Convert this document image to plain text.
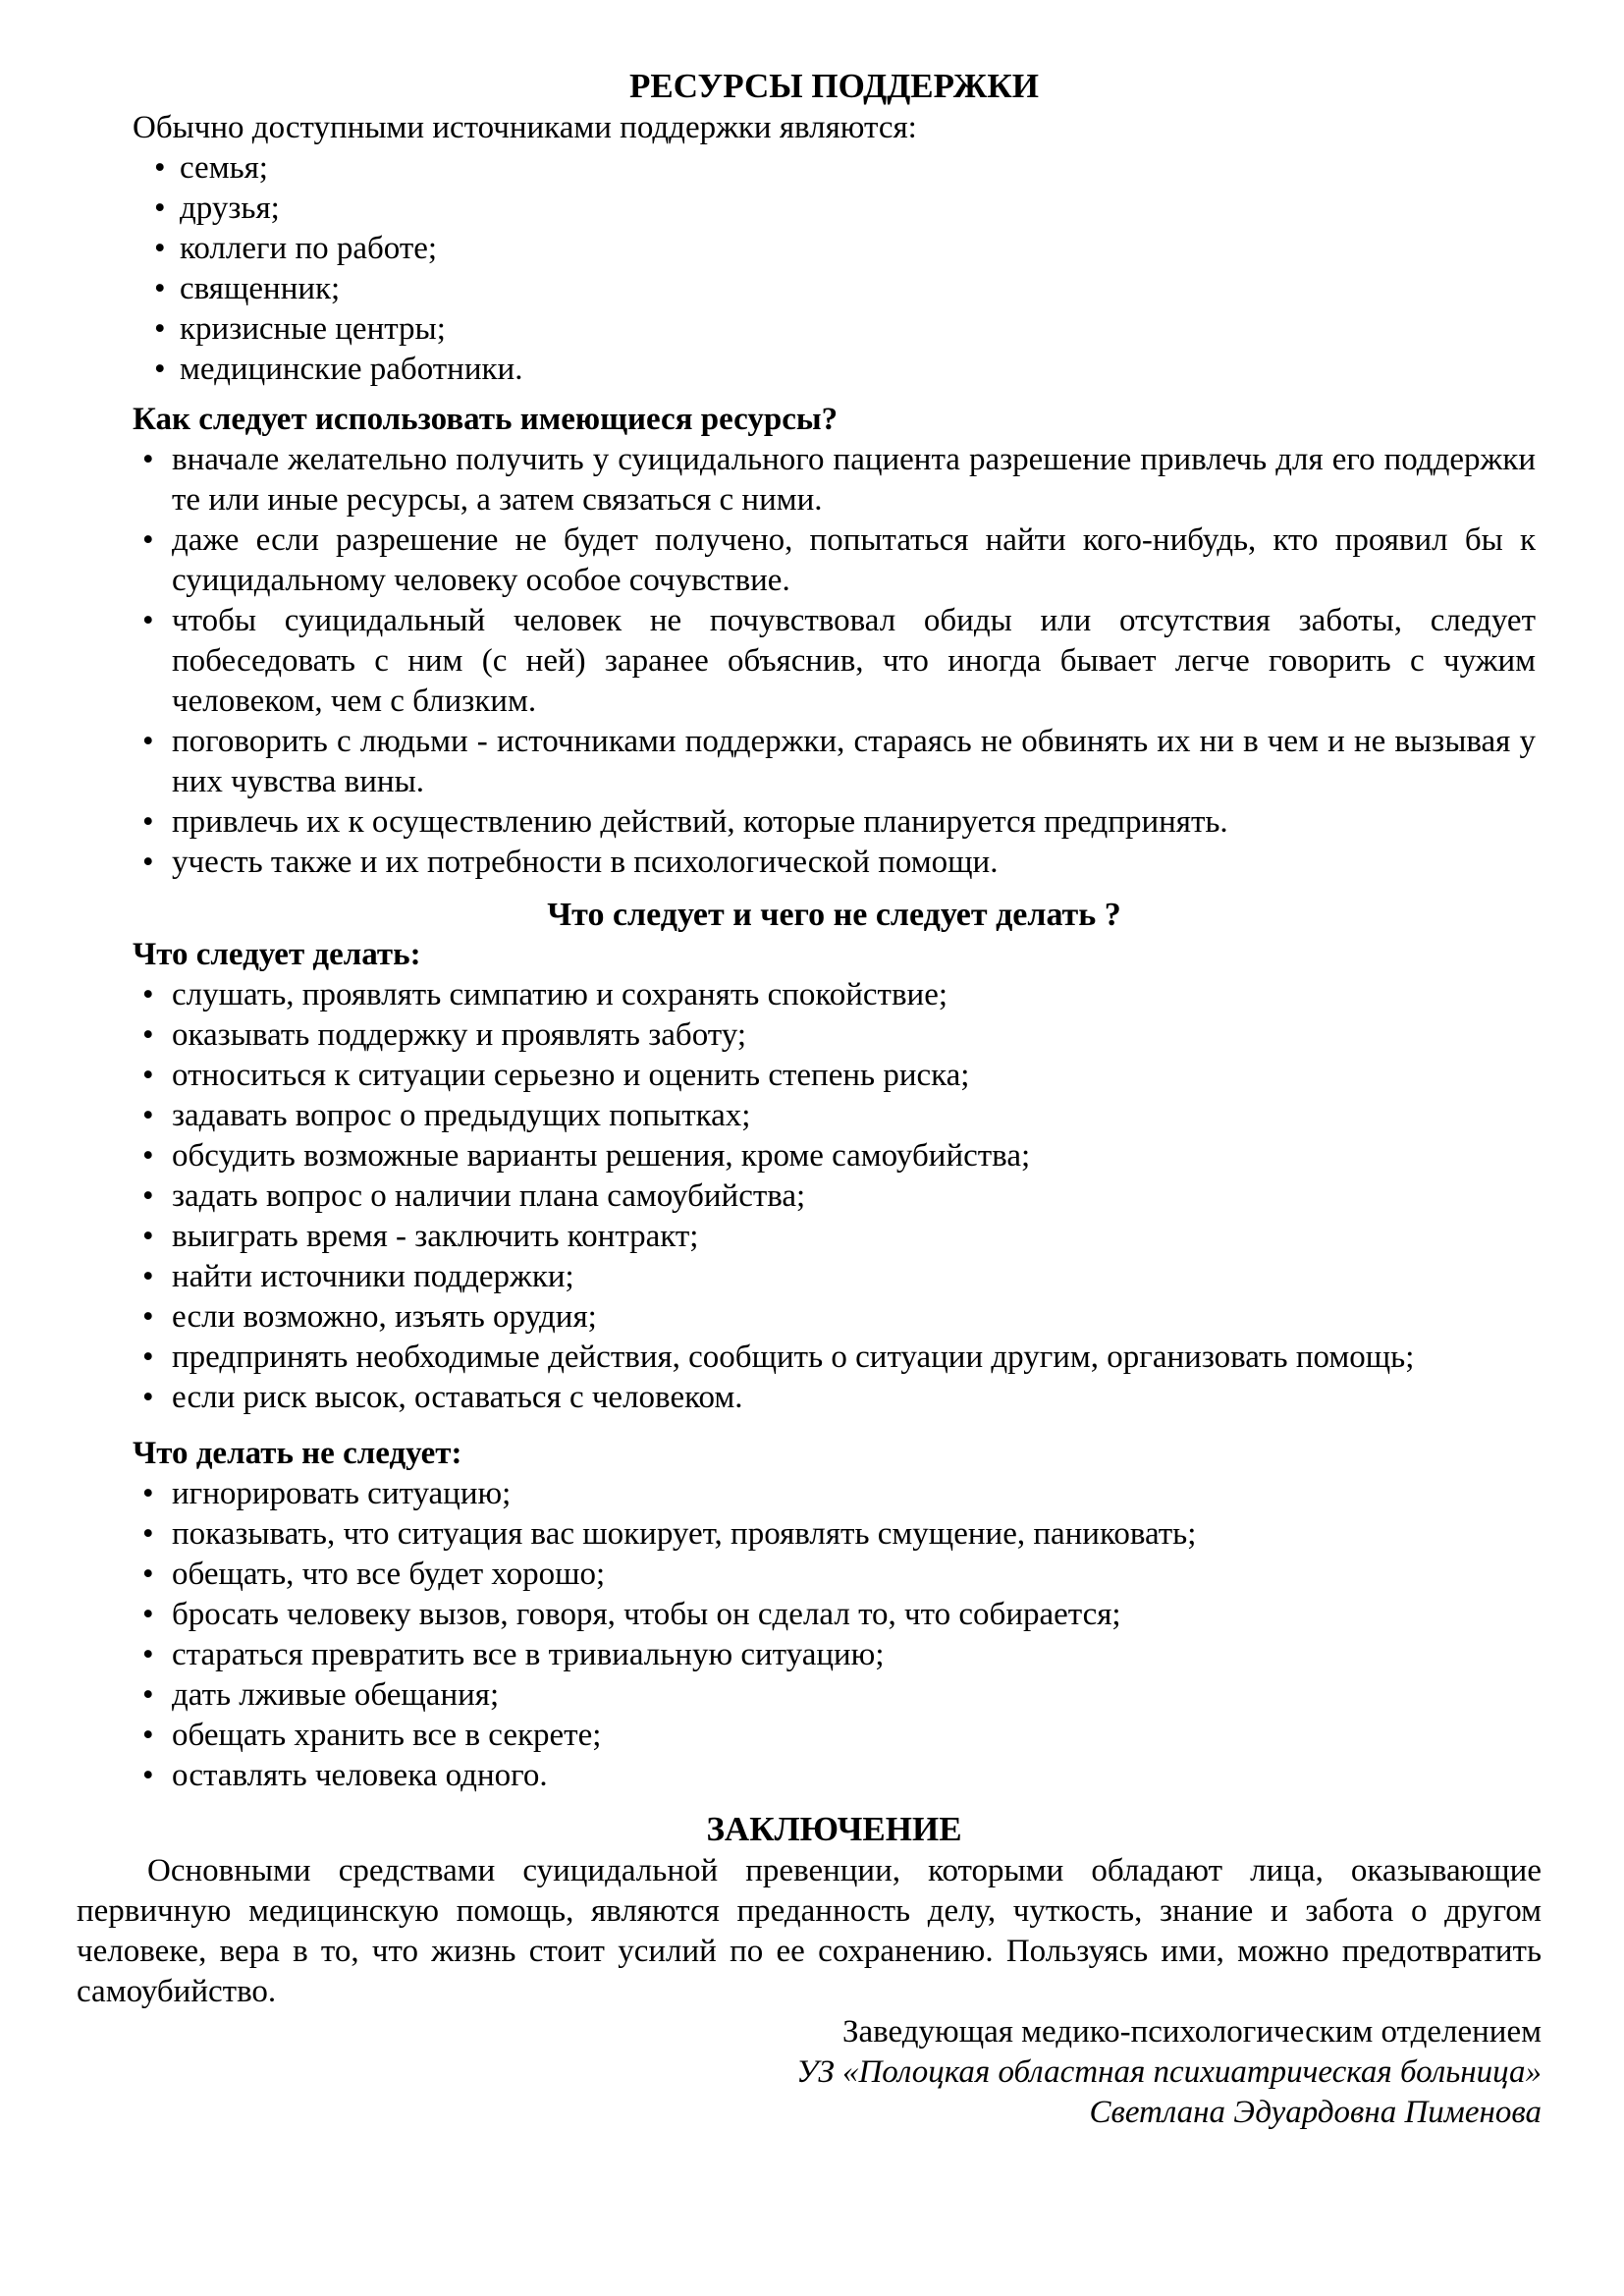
РЕСУРСЫ ПОДДЕРЖКИ

Обычно доступными источниками поддержки являются:

• семья;
• друзья;
• коллеги по работе;
• священник;
• кризисные центры;
• медицинские работники.

Как следует использовать имеющиеся ресурсы?

• вначале желательно получить у суицидального пациента разрешение привлечь для его поддержки те или иные ресурсы, а затем связаться с ними.
• даже если разрешение не будет получено, попытаться найти кого-нибудь, кто проявил бы к суицидальному человеку особое сочувствие.
• чтобы суицидальный человек не почувствовал обиды или отсутствия заботы, следует побеседовать с ним (с ней) заранее объяснив, что иногда бывает легче говорить с чужим человеком, чем с близким.
• поговорить с людьми - источниками поддержки, стараясь не обвинять их ни в чем и не вызывая у них чувства вины.
• привлечь их к осуществлению действий, которые планируется предпринять.
• учесть также и их потребности в психологической помощи.

Что следует и чего не следует делать ?

Что следует делать:

• слушать, проявлять симпатию и сохранять спокойствие;
• оказывать поддержку и проявлять заботу;
• относиться к ситуации серьезно и оценить степень риска;
• задавать вопрос о предыдущих попытках;
• обсудить возможные варианты решения, кроме самоубийства;
• задать вопрос о наличии плана самоубийства;
• выиграть время - заключить контракт;
• найти источники поддержки;
• если возможно, изъять орудия;
• предпринять необходимые действия, сообщить о ситуации другим, организовать помощь;
• если риск высок, оставаться с человеком.

Что делать не следует:

• игнорировать ситуацию;
• показывать, что ситуация вас шокирует, проявлять смущение, паниковать;
• обещать, что все будет хорошо;
• бросать человеку вызов, говоря, чтобы он сделал то, что собирается;
• стараться превратить все в тривиальную ситуацию;
• дать лживые обещания;
• обещать хранить все в секрете;
• оставлять человека одного.

ЗАКЛЮЧЕНИЕ

Основными средствами суицидальной превенции, которыми обладают лица, оказывающие первичную медицинскую помощь, являются преданность делу, чуткость, знание и забота о другом человеке, вера в то, что жизнь стоит усилий по ее сохранению. Пользуясь ими, можно предотвратить самоубийство.

Заведующая медико-психологическим отделением
УЗ «Полоцкая областная психиатрическая больница»
Светлана Эдуардовна Пименова
